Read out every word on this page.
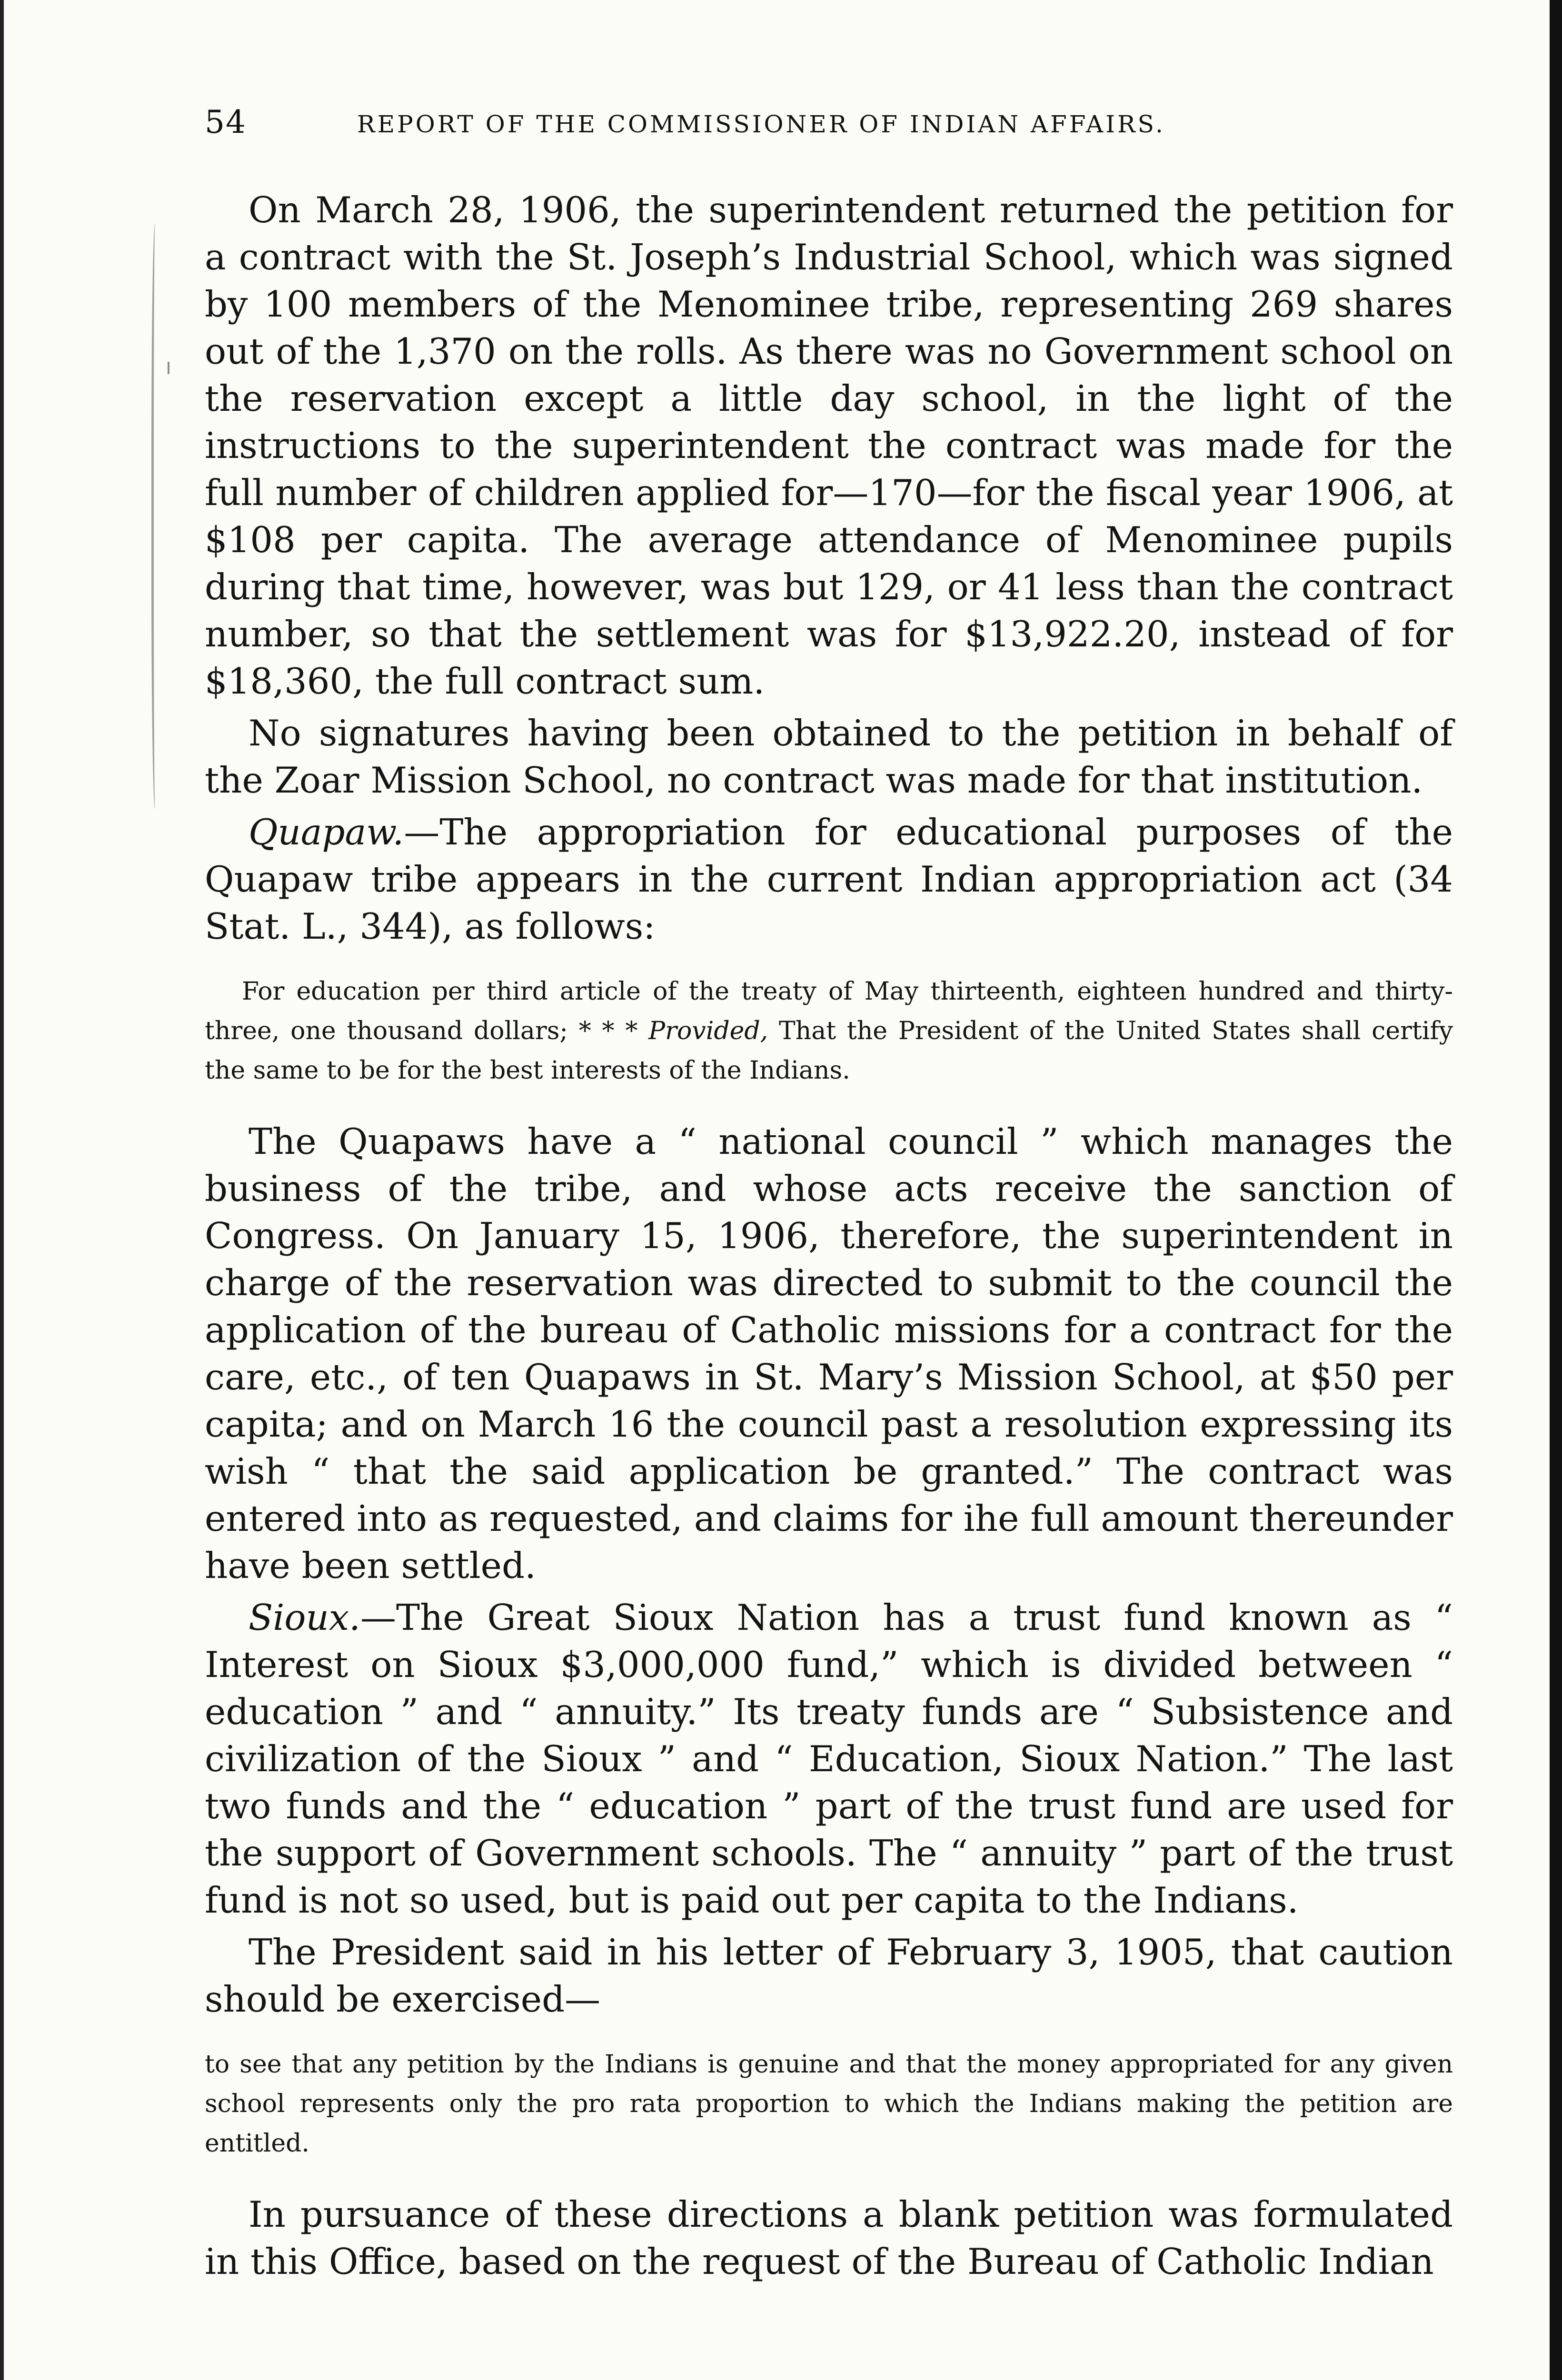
54	REPORT OF THE COMMISSIONER OF INDIAN AFFAIRS.

On March 28, 1906, the superintendent returned the petition for a contract with the St. Joseph’s Industrial School, which was signed by 100 members of the Menominee tribe, representing 269 shares out of the 1,370 on the rolls. As there was no Government school on the reservation except a little day school, in the light of the instructions to the superintendent the contract was made for the full number of children applied for—170—for the fiscal year 1906, at $108 per capita. The average attendance of Menominee pupils during that time, however, was but 129, or 41 less than the contract number, so that the settlement was for $13,922.20, instead of for $18,360, the full contract sum.

No signatures having been obtained to the petition in behalf of the Zoar Mission School, no contract was made for that institution.

Quapaw.—The appropriation for educational purposes of the Quapaw tribe appears in the current Indian appropriation act (34 Stat. L., 344), as follows:

For education per third article of the treaty of May thirteenth, eighteen hundred and thirty-three, one thousand dollars; * * * Provided, That the President of the United States shall certify the same to be for the best interests of the Indians.

The Quapaws have a “ national council ” which manages the business of the tribe, and whose acts receive the sanction of Congress. On January 15, 1906, therefore, the superintendent in charge of the reservation was directed to submit to the council the application of the bureau of Catholic missions for a contract for the care, etc., of ten Quapaws in St. Mary’s Mission School, at $50 per capita; and on March 16 the council past a resolution expressing its wish “ that the said application be granted.” The contract was entered into as requested, and claims for ihe full amount thereunder have been settled.

Sioux.—The Great Sioux Nation has a trust fund known as “ Interest on Sioux $3,000,000 fund,” which is divided between “ education ” and “ annuity.” Its treaty funds are “ Subsistence and civilization of the Sioux ” and “ Education, Sioux Nation.” The last two funds and the “ education ” part of the trust fund are used for the support of Government schools. The “ annuity ” part of the trust fund is not so used, but is paid out per capita to the Indians.

The President said in his letter of February 3, 1905, that caution should be exercised—

to see that any petition by the Indians is genuine and that the money appropriated for any given school represents only the pro rata proportion to which the Indians making the petition are entitled.

In pursuance of these directions a blank petition was formulated in this Office, based on the request of the Bureau of Catholic Indian
